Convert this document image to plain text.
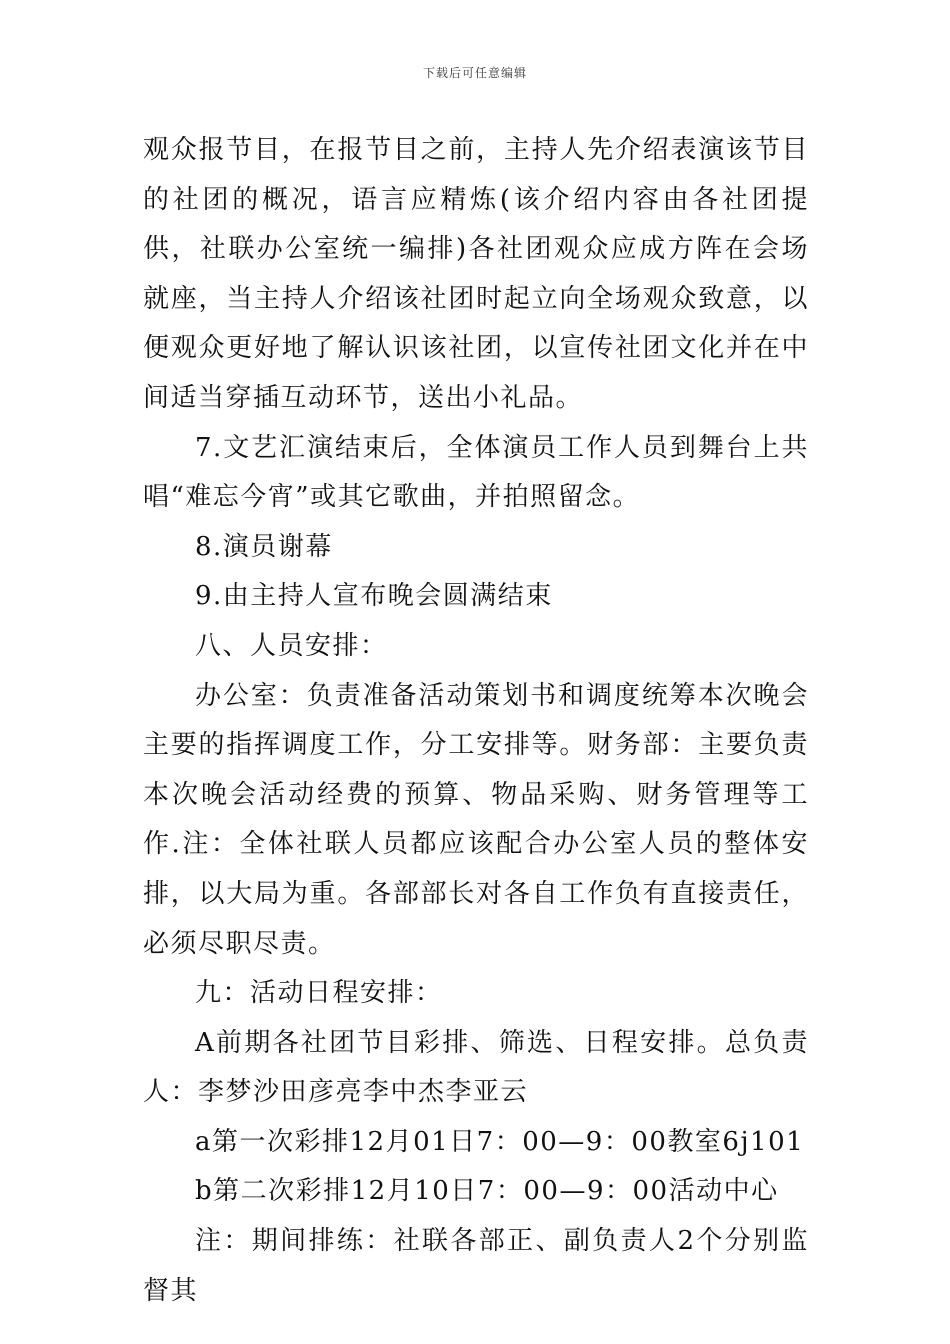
下载后可任意编辑

观众报节目，在报节目之前，主持人先介绍表演该节目的社团的概况，语言应精炼(该介绍内容由各社团提供，社联办公室统一编排)各社团观众应成方阵在会场就座，当主持人介绍该社团时起立向全场观众致意，以便观众更好地了解认识该社团，以宣传社团文化并在中间适当穿插互动环节，送出小礼品。

7.文艺汇演结束后，全体演员工作人员到舞台上共唱“难忘今宵”或其它歌曲，并拍照留念。

8.演员谢幕

9.由主持人宣布晚会圆满结束

八、人员安排：

办公室：负责准备活动策划书和调度统筹本次晚会主要的指挥调度工作，分工安排等。财务部：主要负责本次晚会活动经费的预算、物品采购、财务管理等工作.注：全体社联人员都应该配合办公室人员的整体安排，以大局为重。各部部长对各自工作负有直接责任，必须尽职尽责。

九：活动日程安排：

A前期各社团节目彩排、筛选、日程安排。总负责人：李梦沙田彦亮李中杰李亚云

a第一次彩排12月01日7：00—9：00教室6j101

b第二次彩排12月10日7：00—9：00活动中心

注：期间排练：社联各部正、副负责人2个分别监督其
